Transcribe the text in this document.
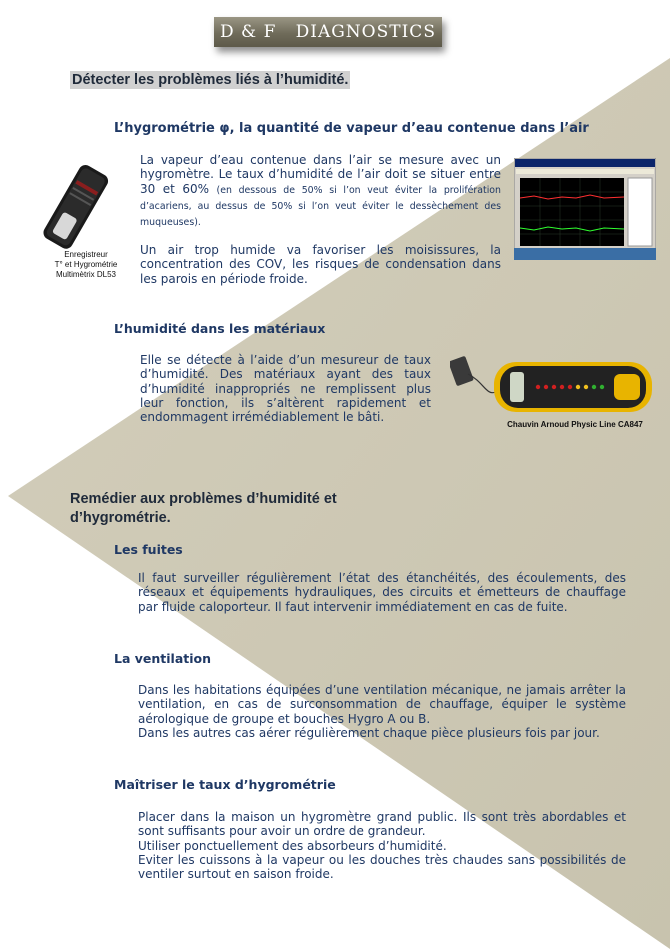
D & F   DIAGNOSTICS
Détecter les problèmes liés à l’humidité.
L’hygrométrie φ, la quantité de vapeur d’eau contenue dans l’air
Enregistreur
T° et Hygrométrie
Multimètrix DL53
La vapeur d’eau contenue dans l’air se mesure avec un hygromètre. Le taux d’humidité de l’air doit se situer entre 30 et 60% (en dessous de 50% si l’on veut éviter la prolifération d’acariens, au dessus de 50% si l’on veut éviter le dessèchement des muqueuses).
Un air trop humide va favoriser les moisissures, la concentration des COV, les risques de condensation dans les parois en période froide.
L’humidité dans les matériaux
Elle se détecte à l’aide d’un mesureur de taux d’humidité. Des matériaux ayant des taux d’humidité inappropriés ne remplissent plus leur fonction, ils s’altèrent rapidement et endommagent irrémédiablement le bâti.
Chauvin Arnoud Physic Line CA847
Remédier aux problèmes d’humidité et
d’hygrométrie.
Les fuites
Il faut surveiller régulièrement l’état des étanchéités, des écoulements, des réseaux et équipements hydrauliques, des circuits et émetteurs de chauffage par fluide caloporteur. Il faut intervenir immédiatement en cas de fuite.
La ventilation
Dans les habitations équipées d’une ventilation mécanique, ne jamais arrêter la ventilation, en cas de surconsommation de chauffage, équiper le système aérologique de groupe et bouches Hygro A ou B.
Dans les autres cas aérer régulièrement chaque pièce plusieurs fois par jour.
Maîtriser le taux d’hygrométrie
Placer dans la maison un hygromètre grand public. Ils sont très abordables et sont suffisants pour avoir un ordre de grandeur.
Utiliser ponctuellement des absorbeurs d’humidité.
Eviter les cuissons à la vapeur ou les douches très chaudes sans possibilités de ventiler surtout en saison froide.
